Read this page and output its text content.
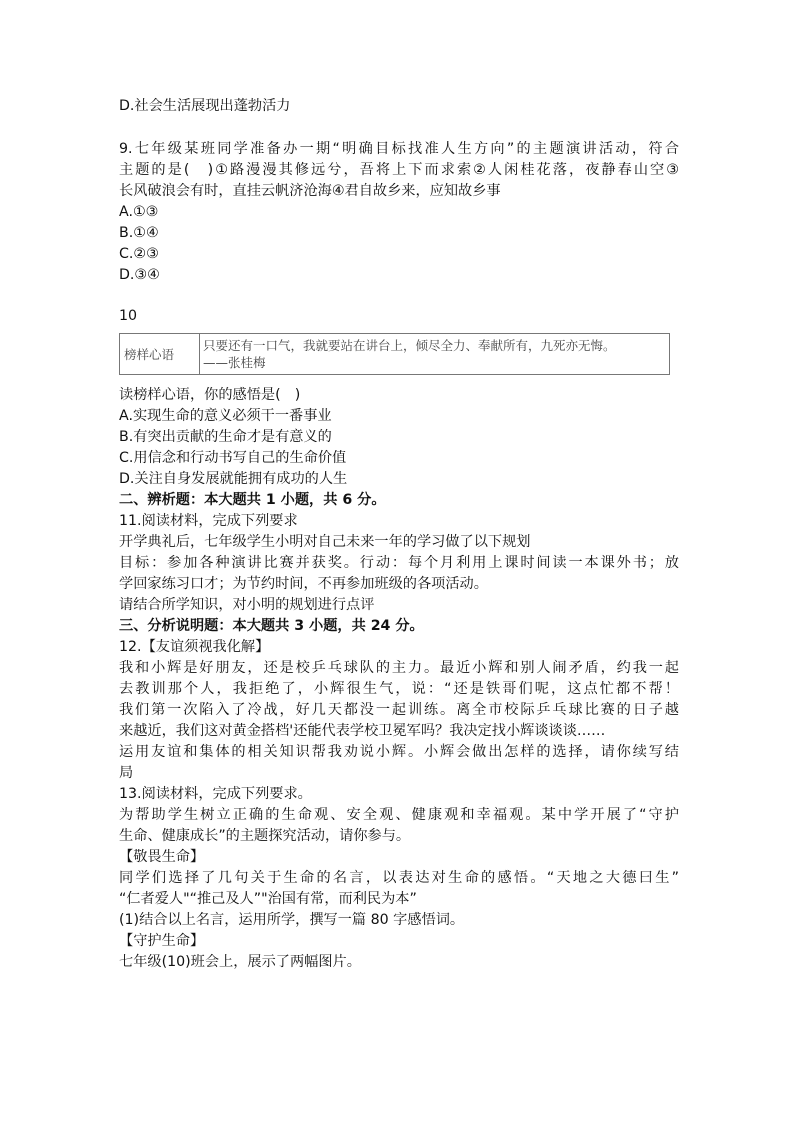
D.社会生活展现出蓬勃活力
9.七年级某班同学准备办一期“明确目标找准人生方向”的主题演讲活动，符合
主题的是(　)①路漫漫其修远兮，吾将上下而求索②人闲桂花落，夜静春山空③
长风破浪会有时，直挂云帆济沧海④君自故乡来，应知故乡事
A.①③
B.①④
C.②③
D.③④
10
榜样心语
只要还有一口气，我就要站在讲台上，倾尽全力、奉献所有，九死亦无悔。
——张桂梅
读榜样心语，你的感悟是(　)
A.实现生命的意义必须干一番事业
B.有突出贡献的生命才是有意义的
C.用信念和行动书写自己的生命价值
D.关注自身发展就能拥有成功的人生
二、辨析题：本大题共 1 小题，共 6 分。
11.阅读材料，完成下列要求
开学典礼后，七年级学生小明对自己未来一年的学习做了以下规划
目标：参加各种演讲比赛并获奖。行动：每个月利用上课时间读一本课外书；放
学回家练习口才；为节约时间，不再参加班级的各项活动。
请结合所学知识，对小明的规划进行点评
三、分析说明题：本大题共 3 小题，共 24 分。
12.【友谊须视我化解】
我和小辉是好朋友，还是校乒乓球队的主力。最近小辉和别人闹矛盾，约我一起
去教训那个人，我拒绝了，小辉很生气，说：“还是铁哥们呢，这点忙都不帮！
我们第一次陷入了冷战，好几天都没一起训练。离全市校际乒乓球比赛的日子越
来越近，我们这对黄金搭档'还能代表学校卫冕军吗？我决定找小辉谈谈谈……
运用友谊和集体的相关知识帮我劝说小辉。小辉会做出怎样的选择，请你续写结
局
13.阅读材料，完成下列要求。
为帮助学生树立正确的生命观、安全观、健康观和幸福观。某中学开展了“守护
生命、健康成长”的主题探究活动，请你参与。
【敬畏生命】
同学们选择了几句关于生命的名言，以表达对生命的感悟。“天地之大德曰生”
“仁者爱人"“推己及人”"治国有常，而利民为本”
(1)结合以上名言，运用所学，撰写一篇 80 字感悟词。
【守护生命】
七年级(10)班会上，展示了两幅图片。
